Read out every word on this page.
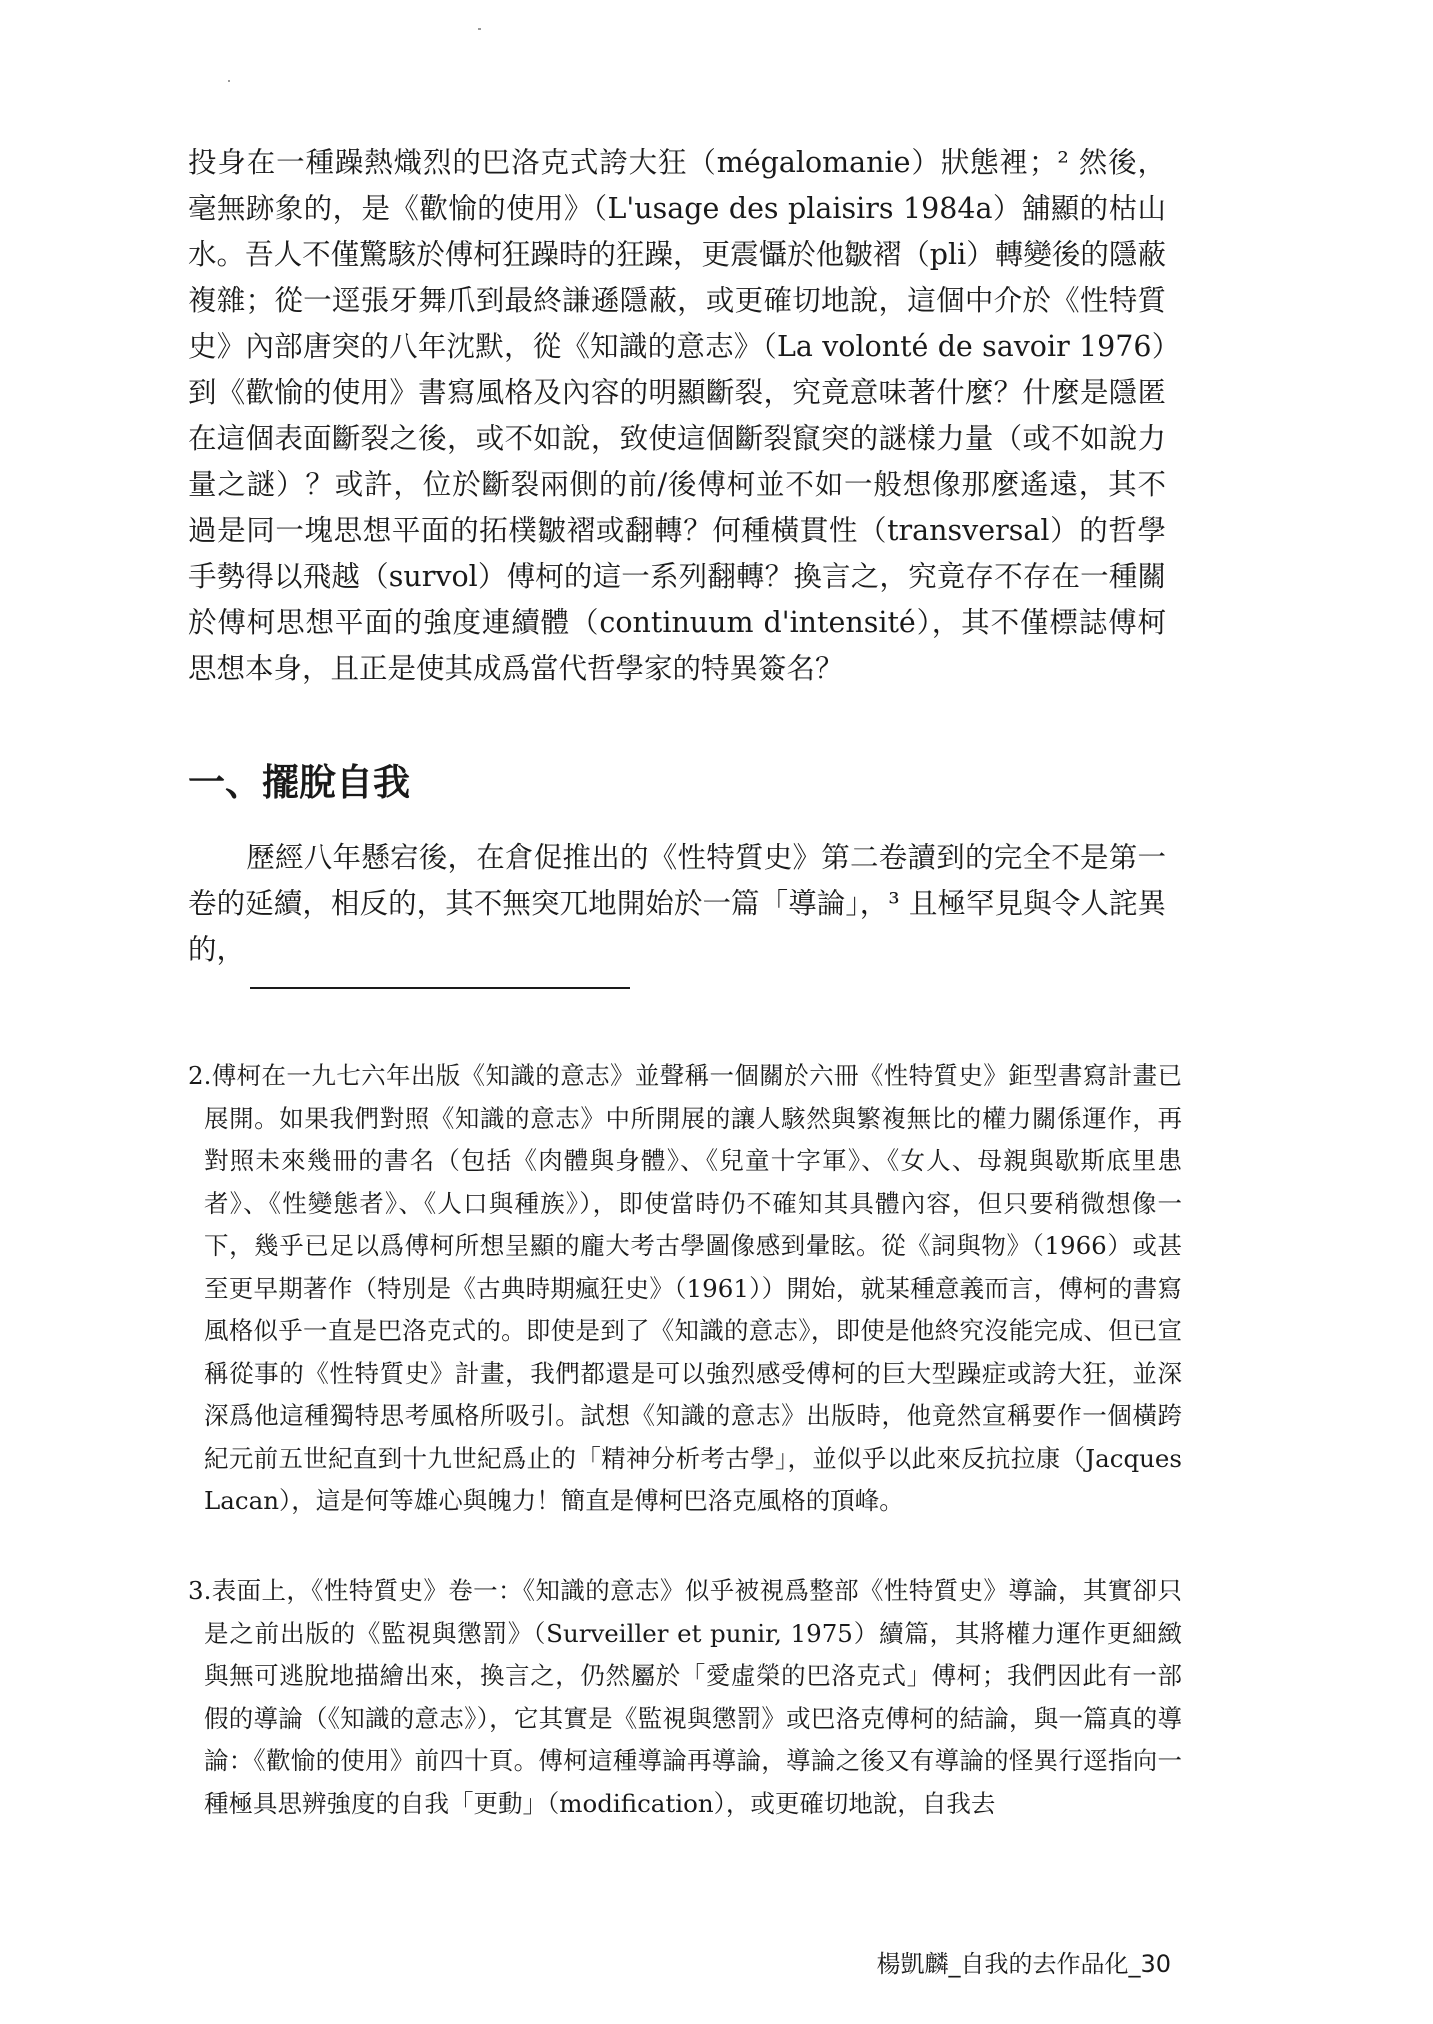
投身在一種躁熱熾烈的巴洛克式誇大狂（mégalomanie）狀態裡；² 然後，毫無跡象的，是《歡愉的使用》（L'usage des plaisirs 1984a）舖顯的枯山水。吾人不僅驚駭於傅柯狂躁時的狂躁，更震懾於他皺褶（pli）轉變後的隱蔽複雜；從一逕張牙舞爪到最終謙遜隱蔽，或更確切地說，這個中介於《性特質史》內部唐突的八年沈默，從《知識的意志》（La volonté de savoir 1976）到《歡愉的使用》書寫風格及內容的明顯斷裂，究竟意味著什麼？什麼是隱匿在這個表面斷裂之後，或不如說，致使這個斷裂竄突的謎樣力量（或不如說力量之謎）？或許，位於斷裂兩側的前/後傅柯並不如一般想像那麼遙遠，其不過是同一塊思想平面的拓樸皺褶或翻轉？何種橫貫性（transversal）的哲學手勢得以飛越（survol）傅柯的這一系列翻轉？換言之，究竟存不存在一種關於傅柯思想平面的強度連續體（continuum d'intensité），其不僅標誌傅柯思想本身，且正是使其成爲當代哲學家的特異簽名？

一、擺脫自我

歷經八年懸宕後，在倉促推出的《性特質史》第二卷讀到的完全不是第一卷的延續，相反的，其不無突兀地開始於一篇「導論」，³ 且極罕見與令人詫異的，

2.傅柯在一九七六年出版《知識的意志》並聲稱一個關於六冊《性特質史》鉅型書寫計畫已展開。如果我們對照《知識的意志》中所開展的讓人駭然與繁複無比的權力關係運作，再對照未來幾冊的書名（包括《肉體與身體》、《兒童十字軍》、《女人、母親與歇斯底里患者》、《性變態者》、《人口與種族》），即使當時仍不確知其具體內容，但只要稍微想像一下，幾乎已足以爲傅柯所想呈顯的龐大考古學圖像感到暈眩。從《詞與物》（1966）或甚至更早期著作（特別是《古典時期瘋狂史》（1961））開始，就某種意義而言，傅柯的書寫風格似乎一直是巴洛克式的。即使是到了《知識的意志》，即使是他終究沒能完成、但已宣稱從事的《性特質史》計畫，我們都還是可以強烈感受傅柯的巨大型躁症或誇大狂，並深深爲他這種獨特思考風格所吸引。試想《知識的意志》出版時，他竟然宣稱要作一個橫跨紀元前五世紀直到十九世紀爲止的「精神分析考古學」，並似乎以此來反抗拉康（Jacques Lacan），這是何等雄心與魄力！簡直是傅柯巴洛克風格的頂峰。

3.表面上，《性特質史》卷一：《知識的意志》似乎被視爲整部《性特質史》導論，其實卻只是之前出版的《監視與懲罰》（Surveiller et punir, 1975）續篇，其將權力運作更細緻與無可逃脫地描繪出來，換言之，仍然屬於「愛虛榮的巴洛克式」傅柯；我們因此有一部假的導論（《知識的意志》），它其實是《監視與懲罰》或巴洛克傅柯的結論，與一篇真的導論：《歡愉的使用》前四十頁。傅柯這種導論再導論，導論之後又有導論的怪異行逕指向一種極具思辨強度的自我「更動」（modification），或更確切地說，自我去

楊凱麟_自我的去作品化_30
